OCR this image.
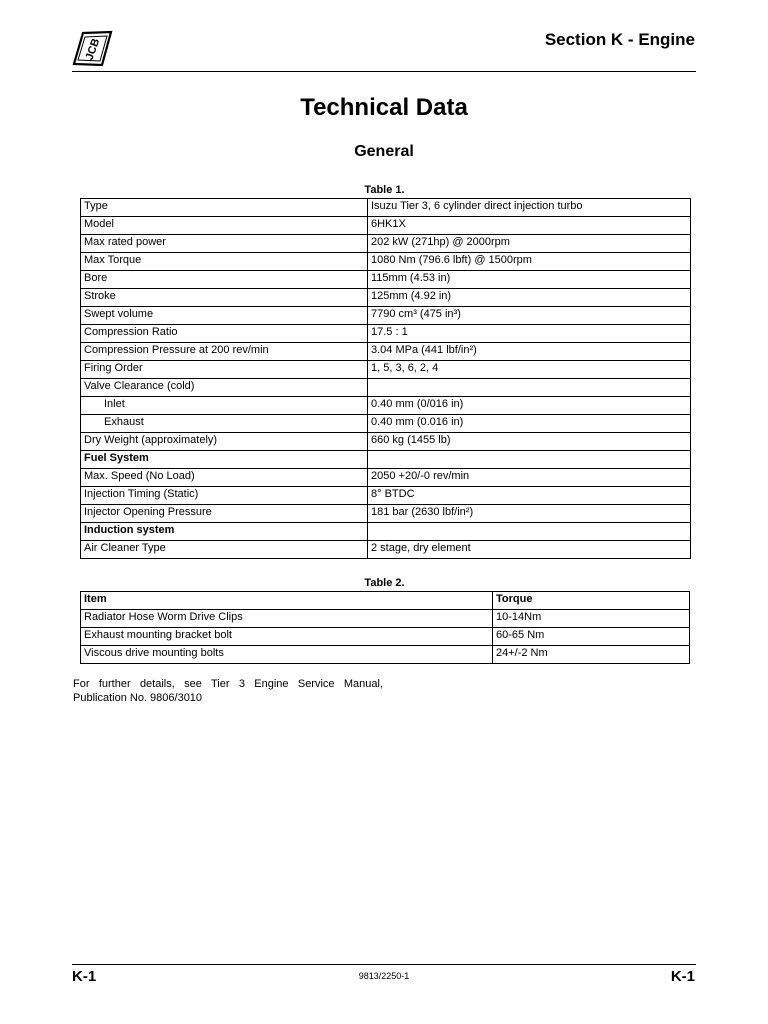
JCB	Section K - Engine
Technical Data
General
Table 1.
Type	Isuzu Tier 3, 6 cylinder direct injection turbo
Model	6HK1X
Max rated power	202 kW (271hp) @ 2000rpm
Max Torque	1080 Nm (796.6 lbft) @ 1500rpm
Bore	115mm (4.53 in)
Stroke	125mm (4.92 in)
Swept volume	7790 cm³ (475 in³)
Compression Ratio	17.5 : 1
Compression Pressure at 200 rev/min	3.04 MPa (441 lbf/in²)
Firing Order	1, 5, 3, 6, 2, 4
Valve Clearance (cold)	
Inlet	0.40 mm (0/016 in)
Exhaust	0.40 mm (0.016 in)
Dry Weight (approximately)	660 kg (1455 lb)
Fuel System	
Max. Speed (No Load)	2050 +20/-0 rev/min
Injection Timing (Static)	8° BTDC
Injector Opening Pressure	181 bar (2630 lbf/in²)
Induction system	
Air Cleaner Type	2 stage, dry element
Table 2.
Item	Torque
Radiator Hose Worm Drive Clips	10-14Nm
Exhaust mounting bracket bolt	60-65 Nm
Viscous drive mounting bolts	24+/-2 Nm
For further details, see Tier 3 Engine Service Manual, Publication No. 9806/3010
K-1	9813/2250-1	K-1
